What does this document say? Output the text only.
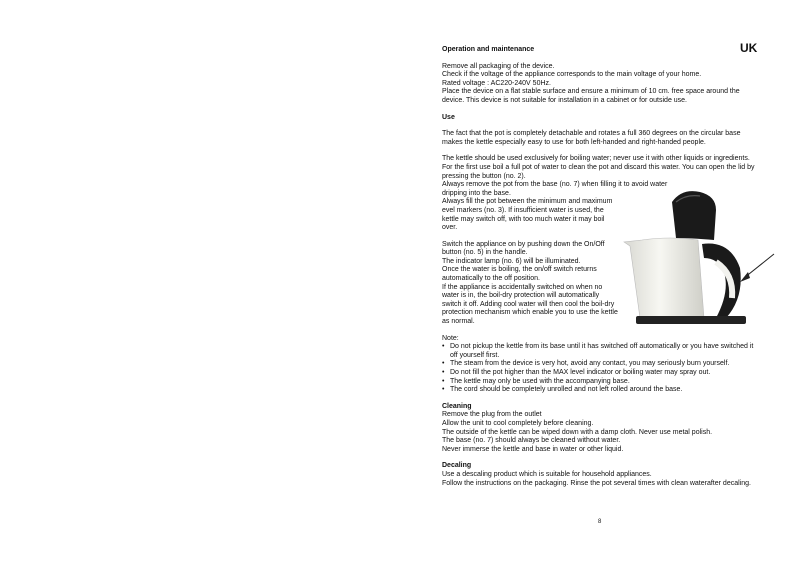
UK

Operation and maintenance

Remove all packaging of the device.

Check if the voltage of the appliance corresponds to the main voltage of your home.

Rated voltage : AC220-240V 50Hz.

Place the device on a flat stable surface and ensure a minimum of 10 cm. free space around the device. This device is not suitable for installation in a cabinet or for outside use.

Use

The fact that the pot is completely detachable and rotates a full 360 degrees on the circular base makes the kettle especially easy to use for both left-handed and right-handed people.

The kettle should be used exclusively for boiling water; never use it with other liquids or ingredients. For the first use boil a full pot of water to clean the pot and discard this water. You can open the lid by pressing the button (no. 2).

Always remove the pot from the base (no. 7) when filling it to avoid water dripping into the base.

Always fill the pot between the minimum and maximum evel markers (no. 3). If insufficient water is used, the kettle may switch off, with too much water it may boil over.

Switch the appliance on by pushing down the On/Off button (no. 5) in the handle.

The indicator lamp (no. 6) will be illuminated.

Once the water is boiling, the on/off switch returns automatically to the off position.

If the appliance is accidentally switched on when no water is in, the boil-dry protection will automatically switch it off. Adding cool water will then cool the boil-dry protection mechanism which enable you to use the kettle as normal.

Note:

• Do not pickup the kettle from its base until it has switched off automatically or you have switched it off yourself first.
• The steam from the device is very hot, avoid any contact, you may seriously burn yourself.
• Do not fill the pot higher than the MAX level indicator or boiling water may spray out.
• The kettle may only be used with the accompanying base.
• The cord should be completely unrolled and not left rolled around the base.

Cleaning

Remove the plug from the outlet

Allow the unit to cool completely before cleaning.

The outside of the kettle can be wiped down with a damp cloth. Never use metal polish.

The base (no. 7) should always be cleaned without water.

Never immerse the kettle and base in water or other liquid.

Decaling

Use a descaling product which is suitable for household appliances.

Follow the instructions on the packaging. Rinse the pot several times with clean waterafter decaling.

8
